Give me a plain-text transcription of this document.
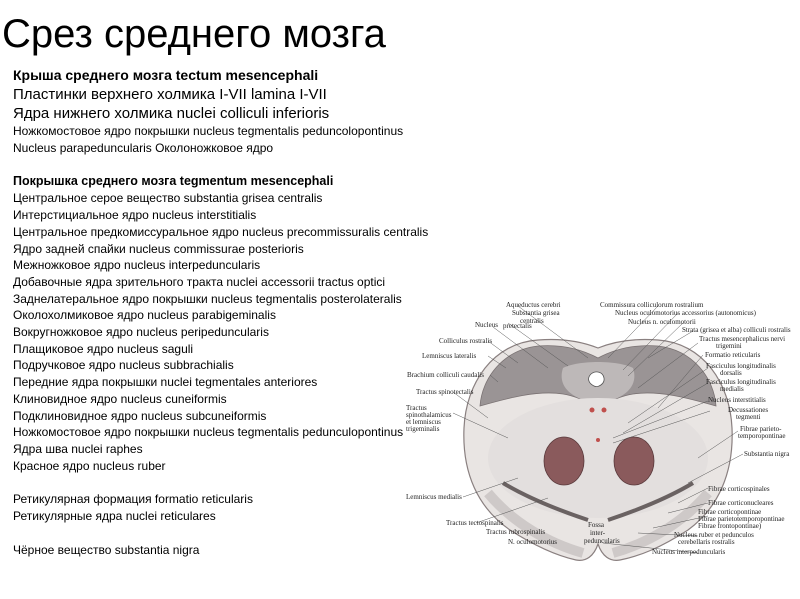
Срез среднего мозга
Крыша среднего мозга tectum mesencephali
Пластинки верхнего холмика I-VII lamina I-VII
Ядра нижнего холмика nuclei colliculi inferioris
Ножкомостовое ядро покрышки nucleus tegmentalis peduncolopontinus
Nucleus parapeduncularis Околоножковое ядро
Покрышка среднего мозга tegmentum mesencephali
Центральное серое вещество substantia grisea centralis
Интерстициальное ядро nucleus interstitialis
Центральное предкомиссуральное ядро nucleus precommissuralis centralis
Ядро задней спайки nucleus commissurae posterioris
Межножковое ядро nucleus interpeduncularis
Добавочные ядра зрительного тракта nuclei accessorii tractus optici
Заднелатеральное ядро покрышки nucleus tegmentalis posterolateralis
Околохолмиковое ядро nucleus parabigeminalis
Вокругножковое ядро nucleus peripeduncularis
Плащиковое ядро nucleus saguli
Подручковое ядро nucleus subbrachialis
Передние ядра покрышки nuclei tegmentales anteriores
Клиновидное ядро nucleus cuneiformis
Подклиновидное ядро nucleus subcuneiformis
Ножкомостовое ядро покрышки nucleus tegmentalis pedunculopontinus
Ядра шва nuclei raphes
Красное ядро nucleus ruber
Ретикулярная формация formatio reticularis
Ретикулярные ядра nuclei reticulares
Чёрное вещество substantia nigra
Aqueductus cerebri
Substantia grisea
centralis
Nucleus pretectalis
Colliculus rostralis
Lemniscus lateralis
Brachium colliculi caudalis
Tractus spinotectalis
Tractus
spinothalamicus
et lemniscus
trigeminalis
Lemniscus medialis
Tractus tectospinalis
Tractus rubrospinalis
N. oculomotorius
Fossa
inter-
peduncularis
Commissura colliculorum rostralium
Nucleus oculomotorius accessorius (autonomicus)
Nucleus n. oculomotorii
Strata (grisea et alba) colliculi rostralis
Tractus mesencephalicus nervi
trigemini
Formatio reticularis
Fasciculus longitudinalis
dorsalis
Fasciculus longitudinalis
medialis
Nucleus interstitialis
Decussationes
tegmenti
Fibrae parieto-
temporopontinae
Substantia nigra
Fibrae corticospinales
Fibrae corticonucleares
Fibrae corticopontinae
Fibrae parietotemporopontinae
Fibrae frontopontinae)
Nucleus ruber et pedunculos
cerebellaris rostralis
Nucleus interpeduncularis
